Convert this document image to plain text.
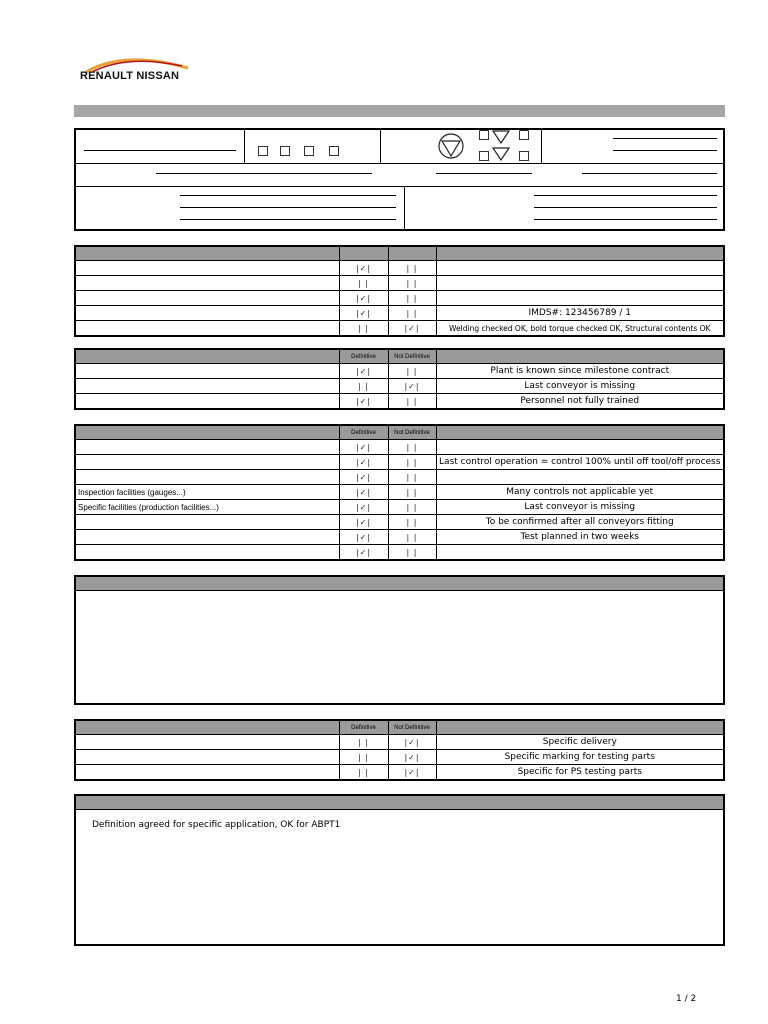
RENAULT NISSAN

	|✓|	| |	
	| |	| |	
	|✓|	| |	
	|✓|	| |	IMDS#: 123456789 / 1
	| |	|✓|	Welding checked OK, bold torque checked OK, Structural contents OK
	Definitive	Not Definitive	
	|✓|	| |	Plant is known since milestone contract
	| |	|✓|	Last conveyor is missing
	|✓|	| |	Personnel not fully trained
	Definitive	Not Definitive	
	|✓|	| |	
	|✓|	| |	Last control operation = control 100% until off tool/off process
	|✓|	| |	
Inspection facilities (gauges...)	|✓|	| |	Many controls not applicable yet
Specific facilities (production facilities...)	|✓|	| |	Last conveyor is missing
	|✓|	| |	To be confirmed after all conveyors fitting
	|✓|	| |	Test planned in two weeks
	|✓|	| |	
	Definitive	Not Definitive	
	| |	|✓|	Specific delivery
	| |	|✓|	Specific marking for testing parts
	| |	|✓|	Specific for PS testing parts
Definition agreed for specific application, OK for ABPT1
1 / 2
